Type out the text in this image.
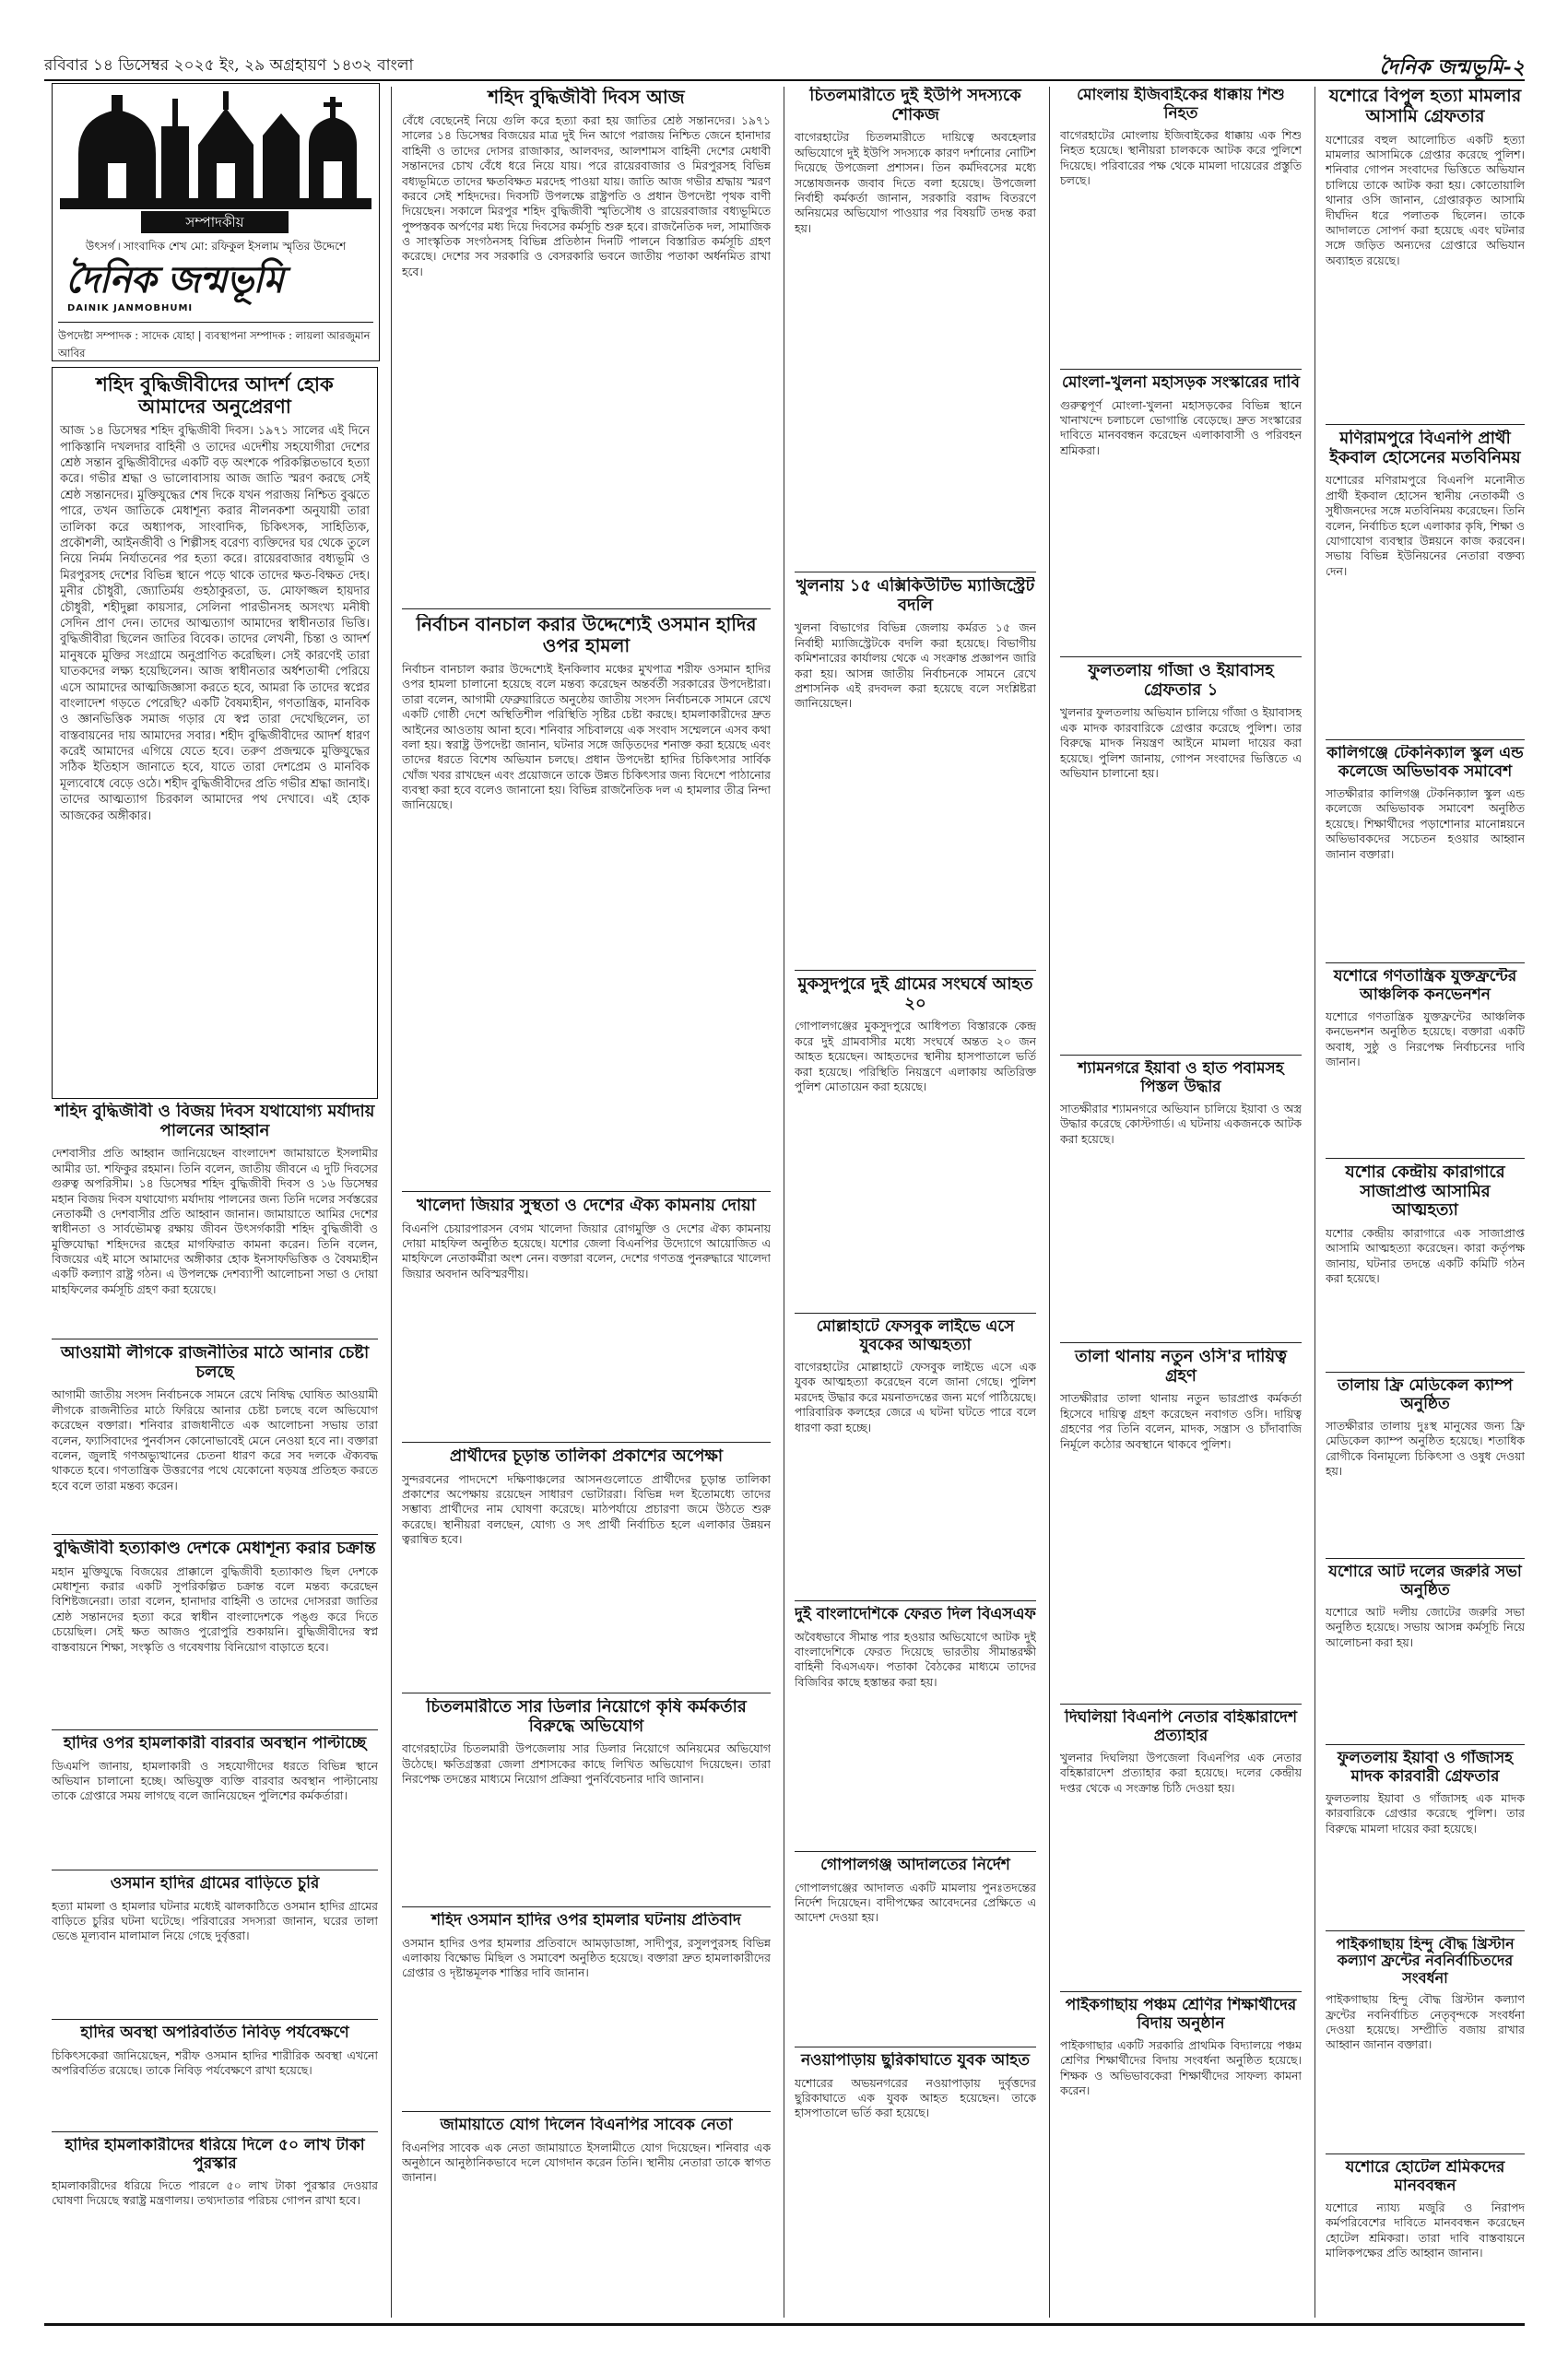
রবিবার ১৪ ডিসেম্বর ২০২৫ ইং, ২৯ অগ্রহায়ণ ১৪৩২ বাংলা	দৈনিক জন্মভূমি-২
সম্পাদকীয়
উৎসর্গ ৷ সাংবাদিক শেখ মো: রফিকুল ইসলাম স্মৃতির উদ্দেশে
দৈনিক জন্মভূমি
DAINIK JANMOBHUMI
উপদেষ্টা সম্পাদক : সাদেক যোহা | ব্যবস্থাপনা সম্পাদক : লায়লা আরজুমান আবির
শহিদ বুদ্ধিজীবীদের আদর্শ হোক আমাদের অনুপ্রেরণা

আজ ১৪ ডিসেম্বর শহিদ বুদ্ধিজীবী দিবস। ১৯৭১ সালের এই দিনে পাকিস্তানি দখলদার বাহিনী ও তাদের এদেশীয় সহযোগীরা দেশের শ্রেষ্ঠ সন্তান বুদ্ধিজীবীদের একটি বড় অংশকে পরিকল্পিতভাবে হত্যা করে। গভীর শ্রদ্ধা ও ভালোবাসায় আজ জাতি স্মরণ করছে সেই শ্রেষ্ঠ সন্তানদের। মুক্তিযুদ্ধের শেষ দিকে যখন পরাজয় নিশ্চিত বুঝতে পারে, তখন জাতিকে মেধাশূন্য করার নীলনকশা অনুযায়ী তারা তালিকা করে অধ্যাপক, সাংবাদিক, চিকিৎসক, সাহিত্যিক, প্রকৌশলী, আইনজীবী ও শিল্পীসহ বরেণ্য ব্যক্তিদের ঘর থেকে তুলে নিয়ে নির্মম নির্যাতনের পর হত্যা করে। রায়েরবাজার বধ্যভূমি ও মিরপুরসহ দেশের বিভিন্ন স্থানে পড়ে থাকে তাদের ক্ষত-বিক্ষত দেহ। মুনীর চৌধুরী, জ্যোতির্ময় গুহঠাকুরতা, ড. মোফাজ্জল হায়দার চৌধুরী, শহীদুল্লা কায়সার, সেলিনা পারভীনসহ অসংখ্য মনীষী সেদিন প্রাণ দেন। তাদের আত্মত্যাগ আমাদের স্বাধীনতার ভিত্তি। বুদ্ধিজীবীরা ছিলেন জাতির বিবেক। তাদের লেখনী, চিন্তা ও আদর্শ মানুষকে মুক্তির সংগ্রামে অনুপ্রাণিত করেছিল। সেই কারণেই তারা ঘাতকদের লক্ষ্য হয়েছিলেন। আজ স্বাধীনতার অর্ধশতাব্দী পেরিয়ে এসে আমাদের আত্মজিজ্ঞাসা করতে হবে, আমরা কি তাদের স্বপ্নের বাংলাদেশ গড়তে পেরেছি? একটি বৈষম্যহীন, গণতান্ত্রিক, মানবিক ও জ্ঞানভিত্তিক সমাজ গড়ার যে স্বপ্ন তারা দেখেছিলেন, তা বাস্তবায়নের দায় আমাদের সবার। শহীদ বুদ্ধিজীবীদের আদর্শ ধারণ করেই আমাদের এগিয়ে যেতে হবে। তরুণ প্রজন্মকে মুক্তিযুদ্ধের সঠিক ইতিহাস জানাতে হবে, যাতে তারা দেশপ্রেম ও মানবিক মূল্যবোধে বেড়ে ওঠে। শহীদ বুদ্ধিজীবীদের প্রতি গভীর শ্রদ্ধা জানাই। তাদের আত্মত্যাগ চিরকাল আমাদের পথ দেখাবে। এই হোক আজকের অঙ্গীকার।

শহিদ বুদ্ধিজীবী ও বিজয় দিবস যথাযোগ্য মর্যাদায় পালনের আহ্বান

দেশবাসীর প্রতি আহ্বান জানিয়েছেন বাংলাদেশ জামায়াতে ইসলামীর আমীর ডা. শফিকুর রহমান। তিনি বলেন, জাতীয় জীবনে এ দুটি দিবসের গুরুত্ব অপরিসীম। ১৪ ডিসেম্বর শহিদ বুদ্ধিজীবী দিবস ও ১৬ ডিসেম্বর মহান বিজয় দিবস যথাযোগ্য মর্যাদায় পালনের জন্য তিনি দলের সর্বস্তরের নেতাকর্মী ও দেশবাসীর প্রতি আহ্বান জানান। জামায়াতে আমির দেশের স্বাধীনতা ও সার্বভৌমত্ব রক্ষায় জীবন উৎসর্গকারী শহিদ বুদ্ধিজীবী ও মুক্তিযোদ্ধা শহিদদের রূহের মাগফিরাত কামনা করেন। তিনি বলেন, বিজয়ের এই মাসে আমাদের অঙ্গীকার হোক ইনসাফভিত্তিক ও বৈষম্যহীন একটি কল্যাণ রাষ্ট্র গঠন। এ উপলক্ষে দেশব্যাপী আলোচনা সভা ও দোয়া মাহফিলের কর্মসূচি গ্রহণ করা হয়েছে।

আওয়ামী লীগকে রাজনীতির মাঠে আনার চেষ্টা চলছে

আগামী জাতীয় সংসদ নির্বাচনকে সামনে রেখে নিষিদ্ধ ঘোষিত আওয়ামী লীগকে রাজনীতির মাঠে ফিরিয়ে আনার চেষ্টা চলছে বলে অভিযোগ করেছেন বক্তারা। শনিবার রাজধানীতে এক আলোচনা সভায় তারা বলেন, ফ্যাসিবাদের পুনর্বাসন কোনোভাবেই মেনে নেওয়া হবে না। বক্তারা বলেন, জুলাই গণঅভ্যুত্থানের চেতনা ধারণ করে সব দলকে ঐক্যবদ্ধ থাকতে হবে। গণতান্ত্রিক উত্তরণের পথে যেকোনো ষড়যন্ত্র প্রতিহত করতে হবে বলে তারা মন্তব্য করেন।

বুদ্ধিজীবী হত্যাকাণ্ড দেশকে মেধাশূন্য করার চক্রান্ত

মহান মুক্তিযুদ্ধে বিজয়ের প্রাক্কালে বুদ্ধিজীবী হত্যাকাণ্ড ছিল দেশকে মেধাশূন্য করার একটি সুপরিকল্পিত চক্রান্ত বলে মন্তব্য করেছেন বিশিষ্টজনেরা। তারা বলেন, হানাদার বাহিনী ও তাদের দোসররা জাতির শ্রেষ্ঠ সন্তানদের হত্যা করে স্বাধীন বাংলাদেশকে পঙ্গু করে দিতে চেয়েছিল। সেই ক্ষত আজও পুরোপুরি শুকায়নি। বুদ্ধিজীবীদের স্বপ্ন বাস্তবায়নে শিক্ষা, সংস্কৃতি ও গবেষণায় বিনিয়োগ বাড়াতে হবে।

হাদির ওপর হামলাকারী বারবার অবস্থান পাল্টাচ্ছে

ডিএমপি জানায়, হামলাকারী ও সহযোগীদের ধরতে বিভিন্ন স্থানে অভিযান চালানো হচ্ছে। অভিযুক্ত ব্যক্তি বারবার অবস্থান পাল্টানোয় তাকে গ্রেপ্তারে সময় লাগছে বলে জানিয়েছেন পুলিশের কর্মকর্তারা।

ওসমান হাদির গ্রামের বাড়িতে চুরি

হত্যা মামলা ও হামলার ঘটনার মধ্যেই ঝালকাঠিতে ওসমান হাদির গ্রামের বাড়িতে চুরির ঘটনা ঘটেছে। পরিবারের সদস্যরা জানান, ঘরের তালা ভেঙে মূল্যবান মালামাল নিয়ে গেছে দুর্বৃত্তরা।

হাদির অবস্থা অপরিবর্তিত নিবিড় পর্যবেক্ষণে

চিকিৎসকেরা জানিয়েছেন, শরীফ ওসমান হাদির শারীরিক অবস্থা এখনো অপরিবর্তিত রয়েছে। তাকে নিবিড় পর্যবেক্ষণে রাখা হয়েছে।

হাদির হামলাকারীদের ধরিয়ে দিলে ৫০ লাখ টাকা পুরস্কার

হামলাকারীদের ধরিয়ে দিতে পারলে ৫০ লাখ টাকা পুরস্কার দেওয়ার ঘোষণা দিয়েছে স্বরাষ্ট্র মন্ত্রণালয়। তথ্যদাতার পরিচয় গোপন রাখা হবে।

শহিদ বুদ্ধিজীবী দিবস আজ

বেঁধে বেছেনেই নিয়ে গুলি করে হত্যা করা হয় জাতির শ্রেষ্ঠ সন্তানদের। ১৯৭১ সালের ১৪ ডিসেম্বর বিজয়ের মাত্র দুই দিন আগে পরাজয় নিশ্চিত জেনে হানাদার বাহিনী ও তাদের দোসর রাজাকার, আলবদর, আলশামস বাহিনী দেশের মেধাবী সন্তানদের চোখ বেঁধে ধরে নিয়ে যায়। পরে রায়েরবাজার ও মিরপুরসহ বিভিন্ন বধ্যভূমিতে তাদের ক্ষতবিক্ষত মরদেহ পাওয়া যায়। জাতি আজ গভীর শ্রদ্ধায় স্মরণ করবে সেই শহিদদের। দিবসটি উপলক্ষে রাষ্ট্রপতি ও প্রধান উপদেষ্টা পৃথক বাণী দিয়েছেন। সকালে মিরপুর শহিদ বুদ্ধিজীবী স্মৃতিসৌধ ও রায়েরবাজার বধ্যভূমিতে পুষ্পস্তবক অর্পণের মধ্য দিয়ে দিবসের কর্মসূচি শুরু হবে। রাজনৈতিক দল, সামাজিক ও সাংস্কৃতিক সংগঠনসহ বিভিন্ন প্রতিষ্ঠান দিনটি পালনে বিস্তারিত কর্মসূচি গ্রহণ করেছে। দেশের সব সরকারি ও বেসরকারি ভবনে জাতীয় পতাকা অর্ধনমিত রাখা হবে।

নির্বাচন বানচাল করার উদ্দেশ্যেই ওসমান হাদির ওপর হামলা

নির্বাচন বানচাল করার উদ্দেশ্যেই ইনকিলাব মঞ্চের মুখপাত্র শরীফ ওসমান হাদির ওপর হামলা চালানো হয়েছে বলে মন্তব্য করেছেন অন্তর্বর্তী সরকারের উপদেষ্টারা। তারা বলেন, আগামী ফেব্রুয়ারিতে অনুষ্ঠেয় জাতীয় সংসদ নির্বাচনকে সামনে রেখে একটি গোষ্ঠী দেশে অস্থিতিশীল পরিস্থিতি সৃষ্টির চেষ্টা করছে। হামলাকারীদের দ্রুত আইনের আওতায় আনা হবে। শনিবার সচিবালয়ে এক সংবাদ সম্মেলনে এসব কথা বলা হয়। স্বরাষ্ট্র উপদেষ্টা জানান, ঘটনার সঙ্গে জড়িতদের শনাক্ত করা হয়েছে এবং তাদের ধরতে বিশেষ অভিযান চলছে। প্রধান উপদেষ্টা হাদির চিকিৎসার সার্বিক খোঁজ খবর রাখছেন এবং প্রয়োজনে তাকে উন্নত চিকিৎসার জন্য বিদেশে পাঠানোর ব্যবস্থা করা হবে বলেও জানানো হয়। বিভিন্ন রাজনৈতিক দল এ হামলার তীব্র নিন্দা জানিয়েছে।

খালেদা জিয়ার সুস্থতা ও দেশের ঐক্য কামনায় দোয়া

বিএনপি চেয়ারপারসন বেগম খালেদা জিয়ার রোগমুক্তি ও দেশের ঐক্য কামনায় দোয়া মাহফিল অনুষ্ঠিত হয়েছে। যশোর জেলা বিএনপির উদ্যোগে আয়োজিত এ মাহফিলে নেতাকর্মীরা অংশ নেন। বক্তারা বলেন, দেশের গণতন্ত্র পুনরুদ্ধারে খালেদা জিয়ার অবদান অবিস্মরণীয়।

প্রার্থীদের চূড়ান্ত তালিকা প্রকাশের অপেক্ষা

সুন্দরবনের পাদদেশে দক্ষিণাঞ্চলের আসনগুলোতে প্রার্থীদের চূড়ান্ত তালিকা প্রকাশের অপেক্ষায় রয়েছেন সাধারণ ভোটাররা। বিভিন্ন দল ইতোমধ্যে তাদের সম্ভাব্য প্রার্থীদের নাম ঘোষণা করেছে। মাঠপর্যায়ে প্রচারণা জমে উঠতে শুরু করেছে। স্থানীয়রা বলছেন, যোগ্য ও সৎ প্রার্থী নির্বাচিত হলে এলাকার উন্নয়ন ত্বরান্বিত হবে।

চিতলমারীতে সার ডিলার নিয়োগে কৃষি কর্মকর্তার বিরুদ্ধে অভিযোগ

বাগেরহাটের চিতলমারী উপজেলায় সার ডিলার নিয়োগে অনিয়মের অভিযোগ উঠেছে। ক্ষতিগ্রস্তরা জেলা প্রশাসকের কাছে লিখিত অভিযোগ দিয়েছেন। তারা নিরপেক্ষ তদন্তের মাধ্যমে নিয়োগ প্রক্রিয়া পুনর্বিবেচনার দাবি জানান।

শহিদ ওসমান হাদির ওপর হামলার ঘটনায় প্রতিবাদ

ওসমান হাদির ওপর হামলার প্রতিবাদে আমড়াডাঙ্গা, সাদীপুর, রসুলপুরসহ বিভিন্ন এলাকায় বিক্ষোভ মিছিল ও সমাবেশ অনুষ্ঠিত হয়েছে। বক্তারা দ্রুত হামলাকারীদের গ্রেপ্তার ও দৃষ্টান্তমূলক শাস্তির দাবি জানান।

জামায়াতে যোগ দিলেন বিএনপির সাবেক নেতা

বিএনপির সাবেক এক নেতা জামায়াতে ইসলামীতে যোগ দিয়েছেন। শনিবার এক অনুষ্ঠানে আনুষ্ঠানিকভাবে দলে যোগদান করেন তিনি। স্থানীয় নেতারা তাকে স্বাগত জানান।

চিতলমারীতে দুই ইউপি সদস্যকে শোকজ

বাগেরহাটের চিতলমারীতে দায়িত্বে অবহেলার অভিযোগে দুই ইউপি সদস্যকে কারণ দর্শানোর নোটিশ দিয়েছে উপজেলা প্রশাসন। তিন কর্মদিবসের মধ্যে সন্তোষজনক জবাব দিতে বলা হয়েছে। উপজেলা নির্বাহী কর্মকর্তা জানান, সরকারি বরাদ্দ বিতরণে অনিয়মের অভিযোগ পাওয়ার পর বিষয়টি তদন্ত করা হয়।

খুলনায় ১৫ এক্সিকিউটিভ ম্যাজিস্ট্রেট বদলি

খুলনা বিভাগের বিভিন্ন জেলায় কর্মরত ১৫ জন নির্বাহী ম্যাজিস্ট্রেটকে বদলি করা হয়েছে। বিভাগীয় কমিশনারের কার্যালয় থেকে এ সংক্রান্ত প্রজ্ঞাপন জারি করা হয়। আসন্ন জাতীয় নির্বাচনকে সামনে রেখে প্রশাসনিক এই রদবদল করা হয়েছে বলে সংশ্লিষ্টরা জানিয়েছেন।

মুকসুদপুরে দুই গ্রামের সংঘর্ষে আহত ২০

গোপালগঞ্জের মুকসুদপুরে আধিপত্য বিস্তারকে কেন্দ্র করে দুই গ্রামবাসীর মধ্যে সংঘর্ষে অন্তত ২০ জন আহত হয়েছেন। আহতদের স্থানীয় হাসপাতালে ভর্তি করা হয়েছে। পরিস্থিতি নিয়ন্ত্রণে এলাকায় অতিরিক্ত পুলিশ মোতায়েন করা হয়েছে।

মোল্লাহাটে ফেসবুক লাইভে এসে যুবকের আত্মহত্যা

বাগেরহাটের মোল্লাহাটে ফেসবুক লাইভে এসে এক যুবক আত্মহত্যা করেছেন বলে জানা গেছে। পুলিশ মরদেহ উদ্ধার করে ময়নাতদন্তের জন্য মর্গে পাঠিয়েছে। পারিবারিক কলহের জেরে এ ঘটনা ঘটতে পারে বলে ধারণা করা হচ্ছে।

দুই বাংলাদেশিকে ফেরত দিল বিএসএফ

অবৈধভাবে সীমান্ত পার হওয়ার অভিযোগে আটক দুই বাংলাদেশিকে ফেরত দিয়েছে ভারতীয় সীমান্তরক্ষী বাহিনী বিএসএফ। পতাকা বৈঠকের মাধ্যমে তাদের বিজিবির কাছে হস্তান্তর করা হয়।

গোপালগঞ্জ আদালতের নির্দেশ

গোপালগঞ্জের আদালত একটি মামলায় পুনঃতদন্তের নির্দেশ দিয়েছেন। বাদীপক্ষের আবেদনের প্রেক্ষিতে এ আদেশ দেওয়া হয়।

নওয়াপাড়ায় ছুরিকাঘাতে যুবক আহত

যশোরের অভয়নগরের নওয়াপাড়ায় দুর্বৃত্তদের ছুরিকাঘাতে এক যুবক আহত হয়েছেন। তাকে হাসপাতালে ভর্তি করা হয়েছে।

মোংলায় ইজিবাইকের ধাক্কায় শিশু নিহত

বাগেরহাটের মোংলায় ইজিবাইকের ধাক্কায় এক শিশু নিহত হয়েছে। স্থানীয়রা চালককে আটক করে পুলিশে দিয়েছে। পরিবারের পক্ষ থেকে মামলা দায়েরের প্রস্তুতি চলছে।

মোংলা-খুলনা মহাসড়ক সংস্কারের দাবি

গুরুত্বপূর্ণ মোংলা-খুলনা মহাসড়কের বিভিন্ন স্থানে খানাখন্দে চলাচলে ভোগান্তি বেড়েছে। দ্রুত সংস্কারের দাবিতে মানববন্ধন করেছেন এলাকাবাসী ও পরিবহন শ্রমিকরা।

ফুলতলায় গাঁজা ও ইয়াবাসহ গ্রেফতার ১

খুলনার ফুলতলায় অভিযান চালিয়ে গাঁজা ও ইয়াবাসহ এক মাদক কারবারিকে গ্রেপ্তার করেছে পুলিশ। তার বিরুদ্ধে মাদক নিয়ন্ত্রণ আইনে মামলা দায়ের করা হয়েছে। পুলিশ জানায়, গোপন সংবাদের ভিত্তিতে এ অভিযান চালানো হয়।

শ্যামনগরে ইয়াবা ও হাত পবামসহ পিস্তল উদ্ধার

সাতক্ষীরার শ্যামনগরে অভিযান চালিয়ে ইয়াবা ও অস্ত্র উদ্ধার করেছে কোস্টগার্ড। এ ঘটনায় একজনকে আটক করা হয়েছে।

তালা থানায় নতুন ওসি'র দায়িত্ব গ্রহণ

সাতক্ষীরার তালা থানায় নতুন ভারপ্রাপ্ত কর্মকর্তা হিসেবে দায়িত্ব গ্রহণ করেছেন নবাগত ওসি। দায়িত্ব গ্রহণের পর তিনি বলেন, মাদক, সন্ত্রাস ও চাঁদাবাজি নির্মূলে কঠোর অবস্থানে থাকবে পুলিশ।

দিঘলিয়া বিএনপি নেতার বহিষ্কারাদেশ প্রত্যাহার

খুলনার দিঘলিয়া উপজেলা বিএনপির এক নেতার বহিষ্কারাদেশ প্রত্যাহার করা হয়েছে। দলের কেন্দ্রীয় দপ্তর থেকে এ সংক্রান্ত চিঠি দেওয়া হয়।

পাইকগাছায় পঞ্চম শ্রেণির শিক্ষার্থীদের বিদায় অনুষ্ঠান

পাইকগাছার একটি সরকারি প্রাথমিক বিদ্যালয়ে পঞ্চম শ্রেণির শিক্ষার্থীদের বিদায় সংবর্ধনা অনুষ্ঠিত হয়েছে। শিক্ষক ও অভিভাবকেরা শিক্ষার্থীদের সাফল্য কামনা করেন।

যশোরে বিপুল হত্যা মামলার আসামি গ্রেফতার

যশোরের বহুল আলোচিত একটি হত্যা মামলার আসামিকে গ্রেপ্তার করেছে পুলিশ। শনিবার গোপন সংবাদের ভিত্তিতে অভিযান চালিয়ে তাকে আটক করা হয়। কোতোয়ালি থানার ওসি জানান, গ্রেপ্তারকৃত আসামি দীর্ঘদিন ধরে পলাতক ছিলেন। তাকে আদালতে সোপর্দ করা হয়েছে এবং ঘটনার সঙ্গে জড়িত অন্যদের গ্রেপ্তারে অভিযান অব্যাহত রয়েছে।

মণিরামপুরে বিএনপি প্রার্থী ইকবাল হোসেনের মতবিনিময়

যশোরের মণিরামপুরে বিএনপি মনোনীত প্রার্থী ইকবাল হোসেন স্থানীয় নেতাকর্মী ও সুধীজনদের সঙ্গে মতবিনিময় করেছেন। তিনি বলেন, নির্বাচিত হলে এলাকার কৃষি, শিক্ষা ও যোগাযোগ ব্যবস্থার উন্নয়নে কাজ করবেন। সভায় বিভিন্ন ইউনিয়নের নেতারা বক্তব্য দেন।

কালিগঞ্জে টেকনিক্যাল স্কুল এন্ড কলেজে অভিভাবক সমাবেশ

সাতক্ষীরার কালিগঞ্জ টেকনিক্যাল স্কুল এন্ড কলেজে অভিভাবক সমাবেশ অনুষ্ঠিত হয়েছে। শিক্ষার্থীদের পড়াশোনার মানোন্নয়নে অভিভাবকদের সচেতন হওয়ার আহ্বান জানান বক্তারা।

যশোরে গণতান্ত্রিক যুক্তফ্রন্টের আঞ্চলিক কনভেনশন

যশোরে গণতান্ত্রিক যুক্তফ্রন্টের আঞ্চলিক কনভেনশন অনুষ্ঠিত হয়েছে। বক্তারা একটি অবাধ, সুষ্ঠু ও নিরপেক্ষ নির্বাচনের দাবি জানান।

যশোর কেন্দ্রীয় কারাগারে সাজাপ্রাপ্ত আসামির আত্মহত্যা

যশোর কেন্দ্রীয় কারাগারে এক সাজাপ্রাপ্ত আসামি আত্মহত্যা করেছেন। কারা কর্তৃপক্ষ জানায়, ঘটনার তদন্তে একটি কমিটি গঠন করা হয়েছে।

তালায় ফ্রি মেডিকেল ক্যাম্প অনুষ্ঠিত

সাতক্ষীরার তালায় দুঃস্থ মানুষের জন্য ফ্রি মেডিকেল ক্যাম্প অনুষ্ঠিত হয়েছে। শতাধিক রোগীকে বিনামূল্যে চিকিৎসা ও ওষুধ দেওয়া হয়।

যশোরে আট দলের জরুরি সভা অনুষ্ঠিত

যশোরে আট দলীয় জোটের জরুরি সভা অনুষ্ঠিত হয়েছে। সভায় আসন্ন কর্মসূচি নিয়ে আলোচনা করা হয়।

ফুলতলায় ইয়াবা ও গাঁজাসহ মাদক কারবারী গ্রেফতার

ফুলতলায় ইয়াবা ও গাঁজাসহ এক মাদক কারবারিকে গ্রেপ্তার করেছে পুলিশ। তার বিরুদ্ধে মামলা দায়ের করা হয়েছে।

পাইকগাছায় হিন্দু বৌদ্ধ খ্রিস্টান কল্যাণ ফ্রন্টের নবনির্বাচিতদের সংবর্ধনা

পাইকগাছায় হিন্দু বৌদ্ধ খ্রিস্টান কল্যাণ ফ্রন্টের নবনির্বাচিত নেতৃবৃন্দকে সংবর্ধনা দেওয়া হয়েছে। সম্প্রীতি বজায় রাখার আহ্বান জানান বক্তারা।

যশোরে হোটেল শ্রমিকদের মানববন্ধন

যশোরে ন্যায্য মজুরি ও নিরাপদ কর্মপরিবেশের দাবিতে মানববন্ধন করেছেন হোটেল শ্রমিকরা। তারা দাবি বাস্তবায়নে মালিকপক্ষের প্রতি আহ্বান জানান।
